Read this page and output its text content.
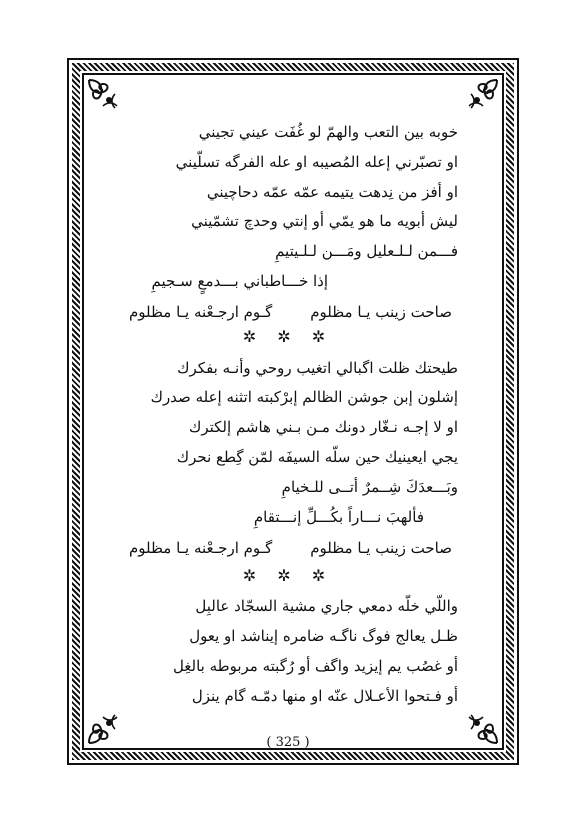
خوبه بين التعب والهمّ لو غُفَت عيني تجيني
او تصبّرني إعله المُصيبه او عله الفرگه تسلّيني
او أفز من نِدهت يتيمه عمّه عمّه دحاچيني
ليش أبويه ما هو يمّي أو إنتي وحدچ تشمّيني
فـــمن لـلـعليل ومَـــن لـلـيتيمِ
إذا خـــاطباني بـــدمعٍ سـجيمِ
صاحت زينب يـا مظلومگـوم ارجـعْنه يـا مظلوم
✲ ✲ ✲
طيحتك ظلت اگبالي اتغيب روحي وأنـه بفكرك
إشلون إبن جوشن الظالم إبرْكبته اتثنه إعله صدرك
او لا إجـه نـغّار دونك مـن بـني هاشم إلكترك
يجي ايعينيك حين سلّه السيفَه لمّن گِطع نحرك
وبَـــعدَكَ شِــمرٌ أتــى للـخيامِ
فألهبَ نـــاراً بكُـــلِّ إنـــتقامِ
صاحت زينب يـا مظلومگـوم ارجـعْنه يـا مظلوم
✲ ✲ ✲
واللّي خلّه دمعي جاري مشية السجّاد عالبِل
ظـل يعالج فوگ ناگـه ضامره إيناشد او يعول
أو غصُب يم إيزيد واگف أو رُگبته مربوطه بالغِل
أو فـتحوا الأعـلال عنّه او منها دمّـه گام ينزل
( 325 )
